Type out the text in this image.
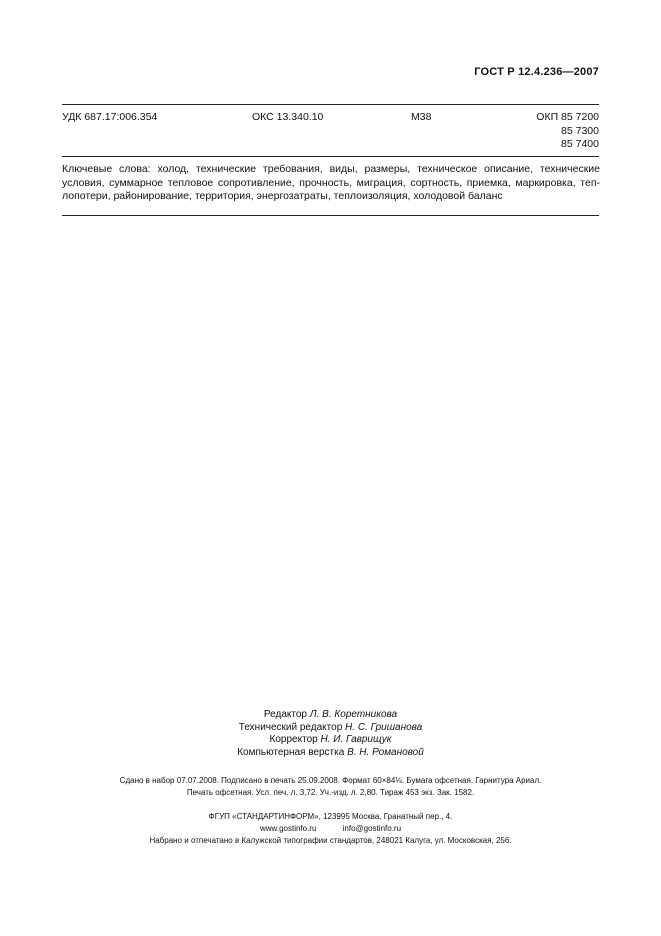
ГОСТ Р 12.4.236—2007
УДК 687.17:006.354	ОКС 13.340.10	М38	ОКП 85 7200
85 7300
85 7400
Ключевые слова: холод, технические требования, виды, размеры, техническое описание, технические
условия, суммарное тепловое сопротивление, прочность, миграция, сортность, приемка, маркировка, теп-
лопотери, районирование, территория, энергозатраты, теплоизоляция, холодовой баланс
Редактор Л. В. Коретникова
Технический редактор Н. С. Гришанова
Корректор Н. И. Гаврищук
Компьютерная верстка В. Н. Романовой
Сдано в набор 07.07.2008. Подписано в печать 25.09.2008. Формат 60×84⅛. Бумага офсетная. Гарнитура Ариал.
Печать офсетная. Усл. печ. л. 3,72. Уч.-изд. л. 2,80. Тираж 453 экз. Зак. 1582.
ФГУП «СТАНДАРТИНФОРМ», 123995 Москва, Гранатный пер., 4.
www.gostinfo.ru	info@gostinfo.ru
Набрано и отпечатано в Калужской типографии стандартов, 248021 Калуга, ул. Московская, 256.
